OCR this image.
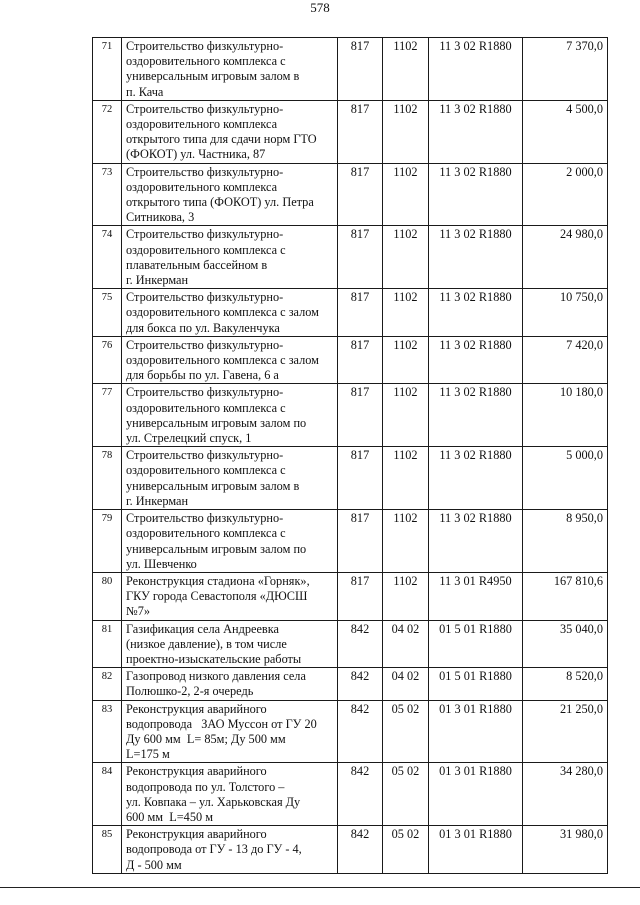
578
71	Строительство физкультурно-
оздоровительного комплекса с
универсальным игровым залом в
п. Кача	817	1102	11 3 02 R1880	7 370,0
72	Строительство физкультурно-
оздоровительного комплекса
открытого типа для сдачи норм ГТО
(ФОКОТ) ул. Частника, 87	817	1102	11 3 02 R1880	4 500,0
73	Строительство физкультурно-
оздоровительного комплекса
открытого типа (ФОКОТ) ул. Петра
Ситникова, 3	817	1102	11 3 02 R1880	2 000,0
74	Строительство физкультурно-
оздоровительного комплекса с
плавательным бассейном в
г. Инкерман	817	1102	11 3 02 R1880	24 980,0
75	Строительство физкультурно-
оздоровительного комплекса с залом
для бокса по ул. Вакуленчука	817	1102	11 3 02 R1880	10 750,0
76	Строительство физкультурно-
оздоровительного комплекса с залом
для борьбы по ул. Гавена, 6 а	817	1102	11 3 02 R1880	7 420,0
77	Строительство физкультурно-
оздоровительного комплекса с
универсальным игровым залом по
ул. Стрелецкий спуск, 1	817	1102	11 3 02 R1880	10 180,0
78	Строительство физкультурно-
оздоровительного комплекса с
универсальным игровым залом в
г. Инкерман	817	1102	11 3 02 R1880	5 000,0
79	Строительство физкультурно-
оздоровительного комплекса с
универсальным игровым залом по
ул. Шевченко	817	1102	11 3 02 R1880	8 950,0
80	Реконструкция стадиона «Горняк»,
ГКУ города Севастополя «ДЮСШ
№7»	817	1102	11 3 01 R4950	167 810,6
81	Газификация села Андреевка
(низкое давление), в том числе
проектно-изыскательские работы	842	04 02	01 5 01 R1880	35 040,0
82	Газопровод низкого давления села
Полюшко-2, 2-я очередь	842	04 02	01 5 01 R1880	8 520,0
83	Реконструкция аварийного
водопровода   ЗАО Муссон от ГУ 20
Ду 600 мм  L= 85м; Ду 500 мм
L=175 м	842	05 02	01 3 01 R1880	21 250,0
84	Реконструкция аварийного
водопровода по ул. Толстого –
ул. Ковпака – ул. Харьковская Ду
600 мм  L=450 м	842	05 02	01 3 01 R1880	34 280,0
85	Реконструкция аварийного
водопровода от ГУ - 13 до ГУ - 4,
Д - 500 мм	842	05 02	01 3 01 R1880	31 980,0
